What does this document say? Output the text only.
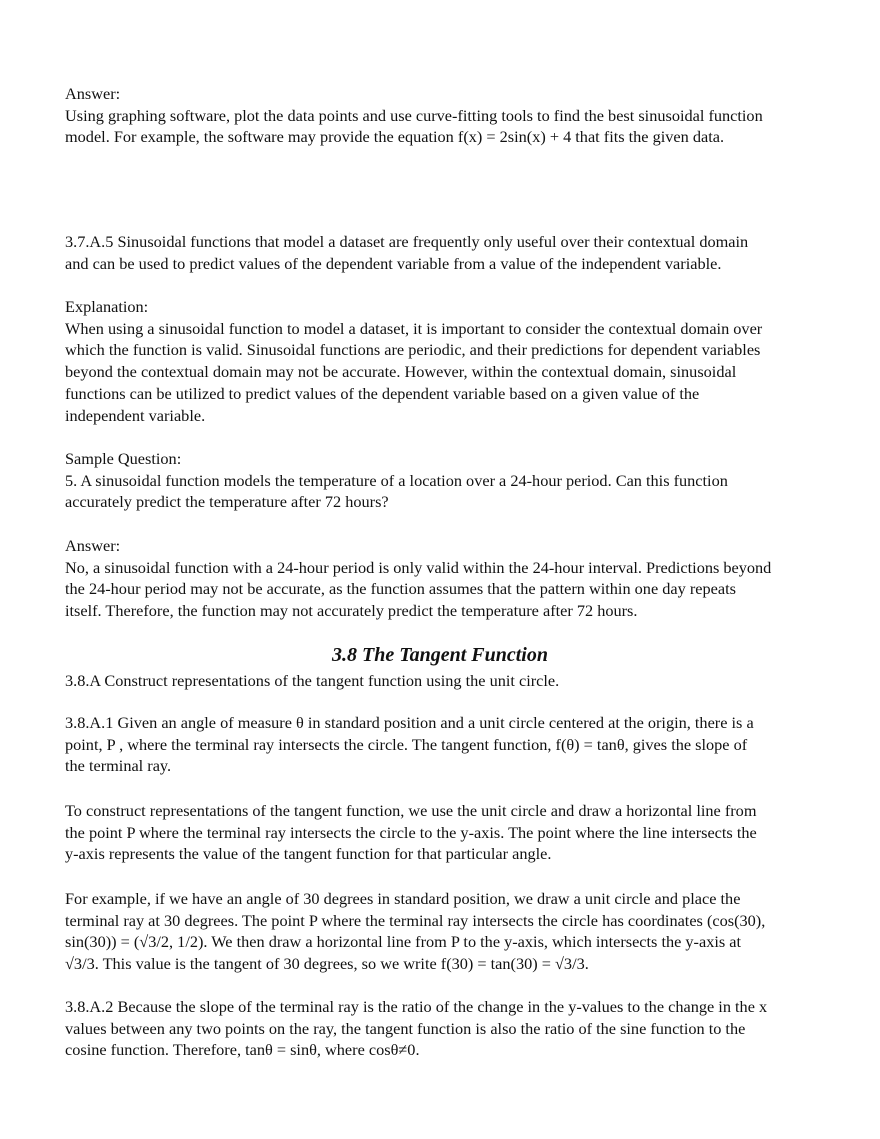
Answer:
Using graphing software, plot the data points and use curve-fitting tools to find the best sinusoidal function
model. For example, the software may provide the equation f(x) = 2sin(x) + 4 that fits the given data.
3.7.A.5 Sinusoidal functions that model a dataset are frequently only useful over their contextual domain
and can be used to predict values of the dependent variable from a value of the independent variable.
Explanation:
When using a sinusoidal function to model a dataset, it is important to consider the contextual domain over
which the function is valid. Sinusoidal functions are periodic, and their predictions for dependent variables
beyond the contextual domain may not be accurate. However, within the contextual domain, sinusoidal
functions can be utilized to predict values of the dependent variable based on a given value of the
independent variable.
Sample Question:
5. A sinusoidal function models the temperature of a location over a 24-hour period. Can this function
accurately predict the temperature after 72 hours?
Answer:
No, a sinusoidal function with a 24-hour period is only valid within the 24-hour interval. Predictions beyond
the 24-hour period may not be accurate, as the function assumes that the pattern within one day repeats
itself. Therefore, the function may not accurately predict the temperature after 72 hours.
3.8 The Tangent Function
3.8.A Construct representations of the tangent function using the unit circle.
3.8.A.1 Given an angle of measure θ in standard position and a unit circle centered at the origin, there is a
point, P , where the terminal ray intersects the circle. The tangent function, f(θ) = tanθ, gives the slope of
the terminal ray.
To construct representations of the tangent function, we use the unit circle and draw a horizontal line from
the point P where the terminal ray intersects the circle to the y-axis. The point where the line intersects the
y-axis represents the value of the tangent function for that particular angle.
For example, if we have an angle of 30 degrees in standard position, we draw a unit circle and place the
terminal ray at 30 degrees. The point P where the terminal ray intersects the circle has coordinates (cos(30),
sin(30)) = (√3/2, 1/2). We then draw a horizontal line from P to the y-axis, which intersects the y-axis at
√3/3. This value is the tangent of 30 degrees, so we write f(30) = tan(30) = √3/3.
3.8.A.2 Because the slope of the terminal ray is the ratio of the change in the y-values to the change in the x
values between any two points on the ray, the tangent function is also the ratio of the sine function to the
cosine function. Therefore, tanθ = sinθ, where cosθ≠0.
